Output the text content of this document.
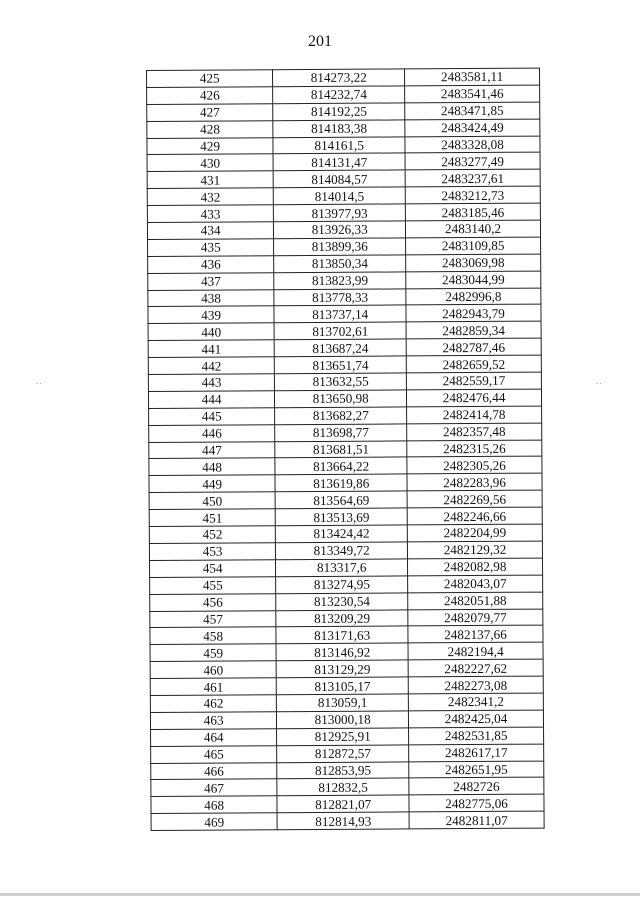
201
425	814273,22	2483581,11
426	814232,74	2483541,46
427	814192,25	2483471,85
428	814183,38	2483424,49
429	814161,5	2483328,08
430	814131,47	2483277,49
431	814084,57	2483237,61
432	814014,5	2483212,73
433	813977,93	2483185,46
434	813926,33	2483140,2
435	813899,36	2483109,85
436	813850,34	2483069,98
437	813823,99	2483044,99
438	813778,33	2482996,8
439	813737,14	2482943,79
440	813702,61	2482859,34
441	813687,24	2482787,46
442	813651,74	2482659,52
443	813632,55	2482559,17
444	813650,98	2482476,44
445	813682,27	2482414,78
446	813698,77	2482357,48
447	813681,51	2482315,26
448	813664,22	2482305,26
449	813619,86	2482283,96
450	813564,69	2482269,56
451	813513,69	2482246,66
452	813424,42	2482204,99
453	813349,72	2482129,32
454	813317,6	2482082,98
455	813274,95	2482043,07
456	813230,54	2482051,88
457	813209,29	2482079,77
458	813171,63	2482137,66
459	813146,92	2482194,4
460	813129,29	2482227,62
461	813105,17	2482273,08
462	813059,1	2482341,2
463	813000,18	2482425,04
464	812925,91	2482531,85
465	812872,57	2482617,17
466	812853,95	2482651,95
467	812832,5	2482726
468	812821,07	2482775,06
469	812814,93	2482811,07
..	..
